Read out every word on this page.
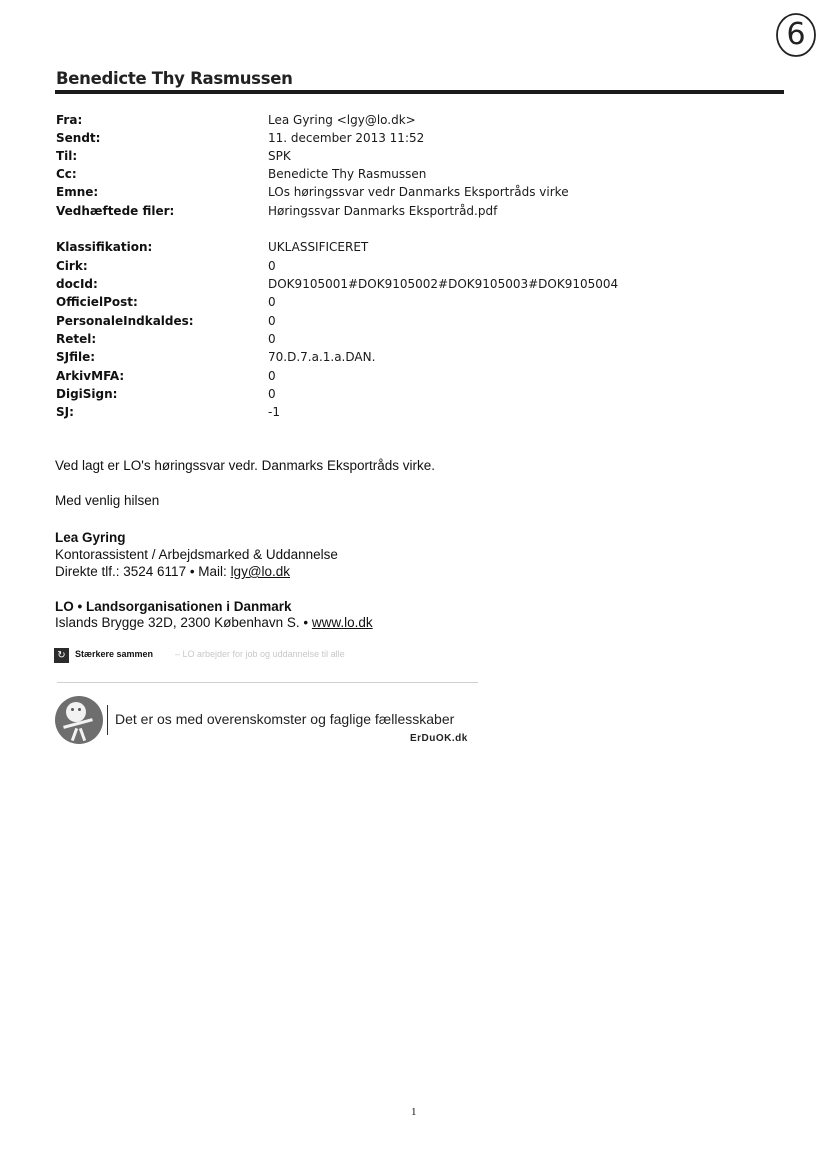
6
Benedicte Thy Rasmussen
Fra:	Lea Gyring <lgy@lo.dk>
Sendt:	11. december 2013 11:52
Til:	SPK
Cc:	Benedicte Thy Rasmussen
Emne:	LOs høringssvar vedr Danmarks Eksportråds virke
Vedhæftede filer:	Høringssvar Danmarks Eksportråd.pdf
Klassifikation:	UKLASSIFICERET
Cirk:	0
docId:	DOK9105001#DOK9105002#DOK9105003#DOK9105004
OfficielPost:	0
PersonaleIndkaldes:	0
Retel:	0
SJfile:	70.D.7.a.1.a.DAN.
ArkivMFA:	0
DigiSign:	0
SJ:	-1
Ved lagt er LO's høringssvar vedr. Danmarks Eksportråds virke.
Med venlig hilsen
Lea Gyring
Kontorassistent / Arbejdsmarked & Uddannelse
Direkte tlf.: 3524 6117 • Mail: lgy@lo.dk
LO • Landsorganisationen i Danmark
Islands Brygge 32D, 2300 København S. • www.lo.dk
↻	Stærkere sammen – LO arbejder for job og uddannelse til alle
Det er os med overenskomster og faglige fællesskaber
ErDuOK.dk
1
